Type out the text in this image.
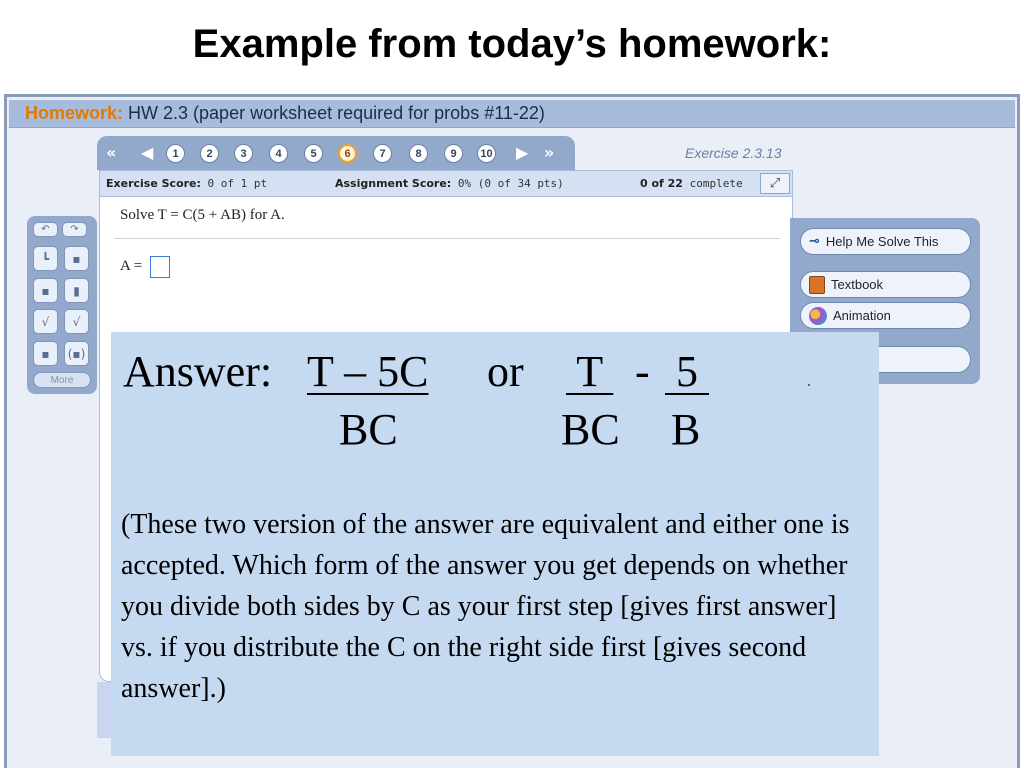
Example from today’s homework:
Homework: HW 2.3 (paper worksheet required for probs #11-22)
« ◀	1	2	3	4	5	6	7	8	9	10 ▶ »	Exercise 2.3.13
Exercise Score: 0 of 1 pt	Assignment Score: 0% (0 of 34 pts)	0 of 22 complete	⤢
Solve T = C(5 + AB) for A.
A =
↶	↷
┗	▪
▪	▮
√	√
▪	(▪)
More
⊸ Help Me Solve This
Textbook
Animation
Answer: T – 5C
BC
or T - 5
BC B
(These two version of the answer are equivalent and either one is accepted. Which form of the answer you get depends on whether you divide both sides by C as your first step [gives first answer] vs. if you distribute the C on the right side first [gives second answer].)
